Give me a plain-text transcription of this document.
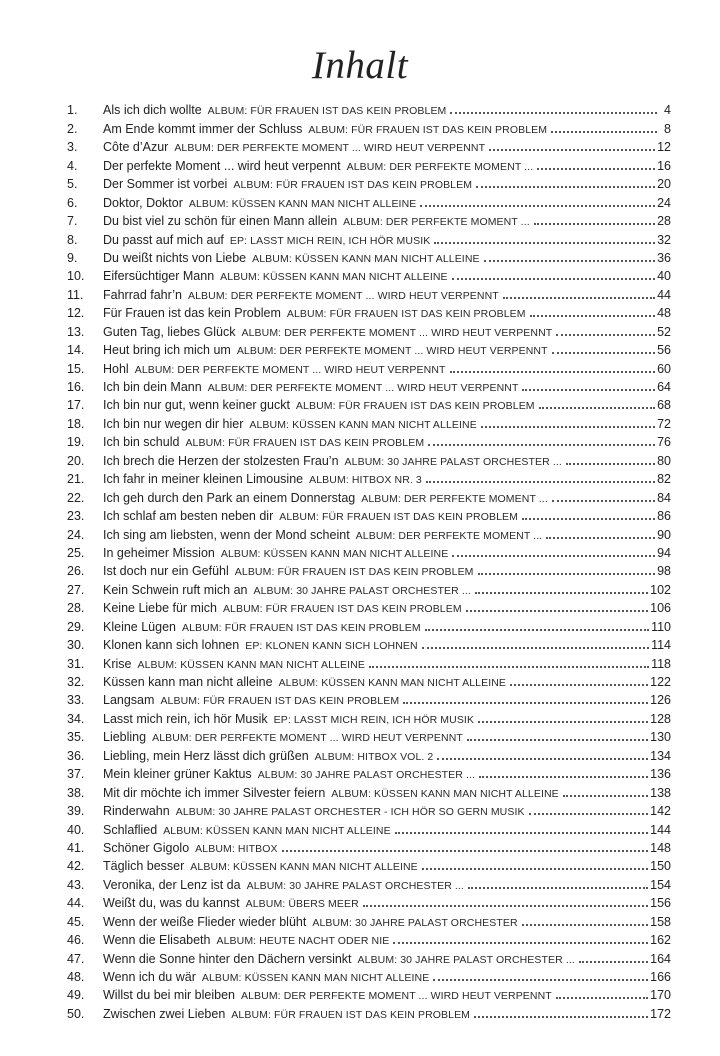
Inhalt
1.	Als ich dich wollte ALBUM: FÜR FRAUEN IST DAS KEIN PROBLEM	4
2.	Am Ende kommt immer der Schluss ALBUM: FÜR FRAUEN IST DAS KEIN PROBLEM	8
3.	Côte d’Azur ALBUM: DER PERFEKTE MOMENT ... WIRD HEUT VERPENNT	12
4.	Der perfekte Moment ... wird heut verpennt ALBUM: DER PERFEKTE MOMENT ...	16
5.	Der Sommer ist vorbei ALBUM: FÜR FRAUEN IST DAS KEIN PROBLEM	20
6.	Doktor, Doktor ALBUM: KÜSSEN KANN MAN NICHT ALLEINE	24
7.	Du bist viel zu schön für einen Mann allein ALBUM: DER PERFEKTE MOMENT ...	28
8.	Du passt auf mich auf EP: LASST MICH REIN, ICH HÖR MUSIK	32
9.	Du weißt nichts von Liebe ALBUM: KÜSSEN KANN MAN NICHT ALLEINE	36
10.	Eifersüchtiger Mann ALBUM: KÜSSEN KANN MAN NICHT ALLEINE	40
11.	Fahrrad fahr’n ALBUM: DER PERFEKTE MOMENT ... WIRD HEUT VERPENNT	44
12.	Für Frauen ist das kein Problem ALBUM: FÜR FRAUEN IST DAS KEIN PROBLEM	48
13.	Guten Tag, liebes Glück ALBUM: DER PERFEKTE MOMENT ... WIRD HEUT VERPENNT	52
14.	Heut bring ich mich um ALBUM: DER PERFEKTE MOMENT ... WIRD HEUT VERPENNT	56
15.	Hohl ALBUM: DER PERFEKTE MOMENT ... WIRD HEUT VERPENNT	60
16.	Ich bin dein Mann ALBUM: DER PERFEKTE MOMENT ... WIRD HEUT VERPENNT	64
17.	Ich bin nur gut, wenn keiner guckt ALBUM: FÜR FRAUEN IST DAS KEIN PROBLEM	68
18.	Ich bin nur wegen dir hier ALBUM: KÜSSEN KANN MAN NICHT ALLEINE	72
19.	Ich bin schuld ALBUM: FÜR FRAUEN IST DAS KEIN PROBLEM	76
20.	Ich brech die Herzen der stolzesten Frau’n ALBUM: 30 JAHRE PALAST ORCHESTER ...	80
21.	Ich fahr in meiner kleinen Limousine ALBUM: HITBOX NR. 3	82
22.	Ich geh durch den Park an einem Donnerstag ALBUM: DER PERFEKTE MOMENT ...	84
23.	Ich schlaf am besten neben dir ALBUM: FÜR FRAUEN IST DAS KEIN PROBLEM	86
24.	Ich sing am liebsten, wenn der Mond scheint ALBUM: DER PERFEKTE MOMENT ...	90
25.	In geheimer Mission ALBUM: KÜSSEN KANN MAN NICHT ALLEINE	94
26.	Ist doch nur ein Gefühl ALBUM: FÜR FRAUEN IST DAS KEIN PROBLEM	98
27.	Kein Schwein ruft mich an ALBUM: 30 JAHRE PALAST ORCHESTER ...	102
28.	Keine Liebe für mich ALBUM: FÜR FRAUEN IST DAS KEIN PROBLEM	106
29.	Kleine Lügen ALBUM: FÜR FRAUEN IST DAS KEIN PROBLEM	110
30.	Klonen kann sich lohnen EP: KLONEN KANN SICH LOHNEN	114
31.	Krise ALBUM: KÜSSEN KANN MAN NICHT ALLEINE	118
32.	Küssen kann man nicht alleine ALBUM: KÜSSEN KANN MAN NICHT ALLEINE	122
33.	Langsam ALBUM: FÜR FRAUEN IST DAS KEIN PROBLEM	126
34.	Lasst mich rein, ich hör Musik EP: LASST MICH REIN, ICH HÖR MUSIK	128
35.	Liebling ALBUM: DER PERFEKTE MOMENT ... WIRD HEUT VERPENNT	130
36.	Liebling, mein Herz lässt dich grüßen ALBUM: HITBOX VOL. 2	134
37.	Mein kleiner grüner Kaktus ALBUM: 30 JAHRE PALAST ORCHESTER ...	136
38.	Mit dir möchte ich immer Silvester feiern ALBUM: KÜSSEN KANN MAN NICHT ALLEINE	138
39.	Rinderwahn ALBUM: 30 JAHRE PALAST ORCHESTER - ICH HÖR SO GERN MUSIK	142
40.	Schlaflied ALBUM: KÜSSEN KANN MAN NICHT ALLEINE	144
41.	Schöner Gigolo ALBUM: HITBOX	148
42.	Täglich besser ALBUM: KÜSSEN KANN MAN NICHT ALLEINE	150
43.	Veronika, der Lenz ist da ALBUM: 30 JAHRE PALAST ORCHESTER ...	154
44.	Weißt du, was du kannst ALBUM: ÜBERS MEER	156
45.	Wenn der weiße Flieder wieder blüht ALBUM: 30 JAHRE PALAST ORCHESTER	158
46.	Wenn die Elisabeth ALBUM: HEUTE NACHT ODER NIE	162
47.	Wenn die Sonne hinter den Dächern versinkt ALBUM: 30 JAHRE PALAST ORCHESTER ...	164
48.	Wenn ich du wär ALBUM: KÜSSEN KANN MAN NICHT ALLEINE	166
49.	Willst du bei mir bleiben ALBUM: DER PERFEKTE MOMENT ... WIRD HEUT VERPENNT	170
50.	Zwischen zwei Lieben ALBUM: FÜR FRAUEN IST DAS KEIN PROBLEM	172
